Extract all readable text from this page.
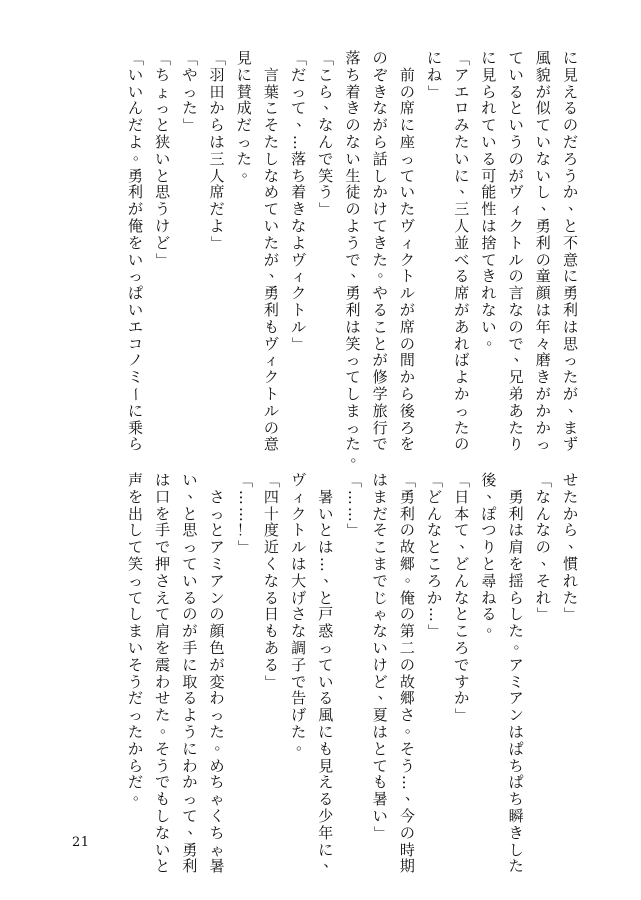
に
見
え
る
の
だ
ろ
う
か
、
と
不
意
に
勇
利
は
思
っ
た
が
、
ま
ず
風
貌
が
似
て
い
な
い
し
、
勇
利
の
童
顔
は
年
々
磨
き
が
か
か
っ
て
い
る
と
い
う
の
が
ヴ
ィ
ク
ト
ル
の
言
な
の
で
、
兄
弟
あ
た
り
に
見
ら
れ
て
い
る
可
能
性
は
捨
て
き
れ
な
い
。
「
ア
エ
ロ
み
た
い
に
、
三
人
並
べ
る
席
が
あ
れ
ば
よ
か
っ
た
の
に
ね
」

前
の
席
に
座
っ
て
い
た
ヴ
ィ
ク
ト
ル
が
席
の
間
か
ら
後
ろ
を
の
ぞ
き
な
が
ら
話
し
か
け
て
き
た
。
や
る
こ
と
が
修
学
旅
行
で
落
ち
着
き
の
な
い
生
徒
の
よ
う
で
、
勇
利
は
笑
っ
て
し
ま
っ
た
。
「
こ
ら
、
な
ん
で
笑
う
」
「
だ
っ
て
、
…
落
ち
着
き
な
よ
ヴ
ィ
ク
ト
ル
」

言
葉
こ
そ
た
し
な
め
て
い
た
が
、
勇
利
も
ヴ
ィ
ク
ト
ル
の
意
見
に
賛
成
だ
っ
た
。
「
羽
田
か
ら
は
三
人
席
だ
よ
」
「
や
っ
た
」
「
ち
ょ
っ
と
狭
い
と
思
う
け
ど
」
「
い
い
ん
だ
よ
。
勇
利
が
俺
を
い
っ
ぱ
い
エ
コ
ノ
ミ
ー
に
乗
ら
せ
た
か
ら
、
慣
れ
た
」
「
な
ん
な
の
、
そ
れ
」

勇
利
は
肩
を
揺
ら
し
た
。
ア
ミ
ア
ン
は
ぱ
ち
ぱ
ち
瞬
き
し
た
後
、
ぽ
つ
り
と
尋
ね
る
。
「
日
本
て
、
ど
ん
な
と
こ
ろ
で
す
か
」
「
ど
ん
な
と
こ
ろ
か
…
」
「
勇
利
の
故
郷
。
俺
の
第
二
の
故
郷
さ
。
そ
う
…
、
今
の
時
期
は
ま
だ
そ
こ
ま
で
じ
ゃ
な
い
け
ど
、
夏
は
と
て
も
暑
い
」
「
…
…
」

暑
い
と
は
…
、
と
戸
惑
っ
て
い
る
風
に
も
見
え
る
少
年
に
、
ヴ
ィ
ク
ト
ル
は
大
げ
さ
な
調
子
で
告
げ
た
。
「
四
十
度
近
く
な
る
日
も
あ
る
」
「
…
…
！
」

さ
っ
と
ア
ミ
ア
ン
の
顔
色
が
変
わ
っ
た
。
め
ち
ゃ
く
ち
ゃ
暑
い
、
と
思
っ
て
い
る
の
が
手
に
取
る
よ
う
に
わ
か
っ
て
、
勇
利
は
口
を
手
で
押
さ
え
て
肩
を
震
わ
せ
た
。
そ
う
で
も
し
な
い
と
声
を
出
し
て
笑
っ
て
し
ま
い
そ
う
だ
っ
た
か
ら
だ
。
21
